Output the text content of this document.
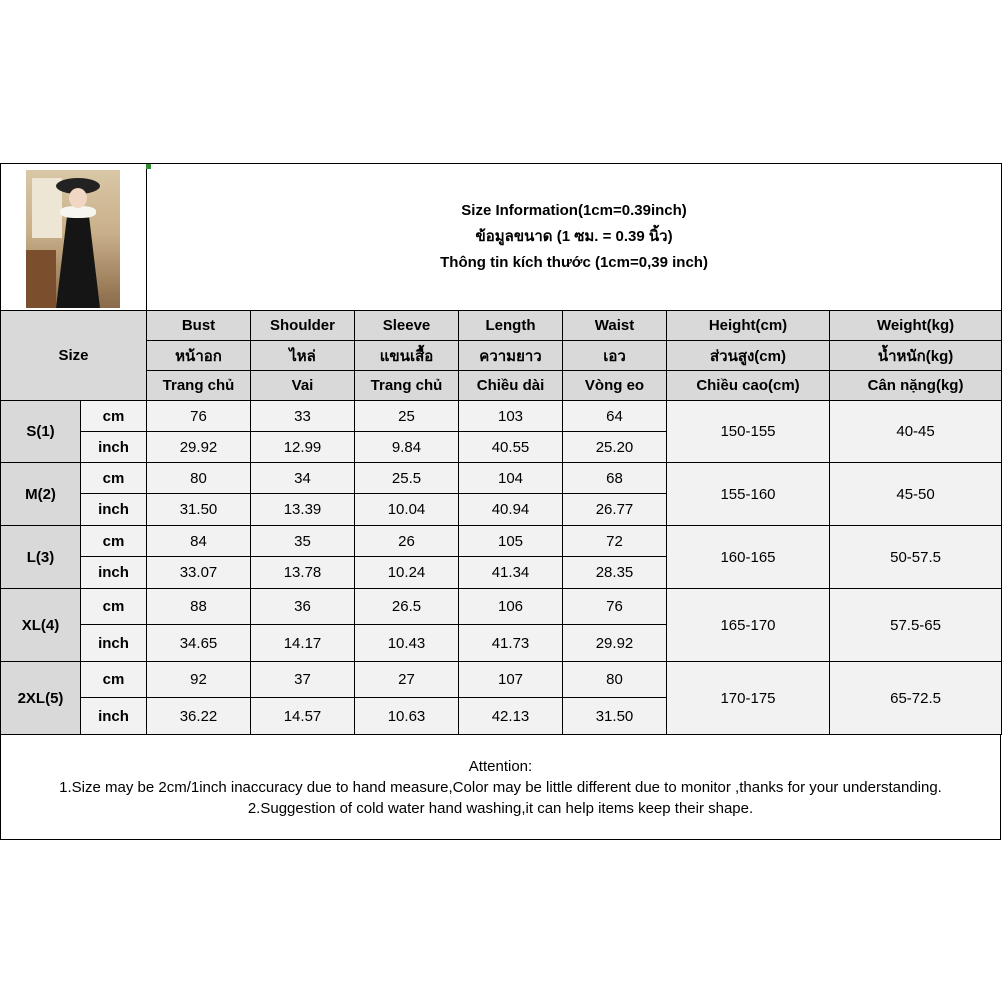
		Size Information(1cm=0.39inch)
ข้อมูลขนาด (1 ซม. = 0.39 นิ้ว)
Thông tin kích thước (1cm=0,39 inch)						

Size		Bust	Shoulder	Sleeve	Length	Waist	Height(cm)	Weight(kg)
		หน้าอก	ไหล่	แขนเสื้อ	ความยาว	เอว	ส่วนสูง(cm)	น้ำหนัก(kg)
		Trang chủ	Vai	Trang chủ	Chiều dài	Vòng eo	Chiều cao(cm)	Cân nặng(kg)
S(1)	cm	76	33	25	103	64	150-155	40-45
	inch	29.92	12.99	9.84	40.55	25.20		
M(2)	cm	80	34	25.5	104	68	155-160	45-50
	inch	31.50	13.39	10.04	40.94	26.77		
L(3)	cm	84	35	26	105	72	160-165	50-57.5
	inch	33.07	13.78	10.24	41.34	28.35		
XL(4)	cm	88	36	26.5	106	76	165-170	57.5-65
	inch	34.65	14.17	10.43	41.73	29.92		
2XL(5)	cm	92	37	27	107	80	170-175	65-72.5
	inch	36.22	14.57	10.63	42.13	31.50		
Attention:
1.Size may be 2cm/1inch inaccuracy due to hand measure,Color may be little different due to monitor ,thanks for your understanding.
2.Suggestion of cold water hand washing,it can help items keep their shape.
